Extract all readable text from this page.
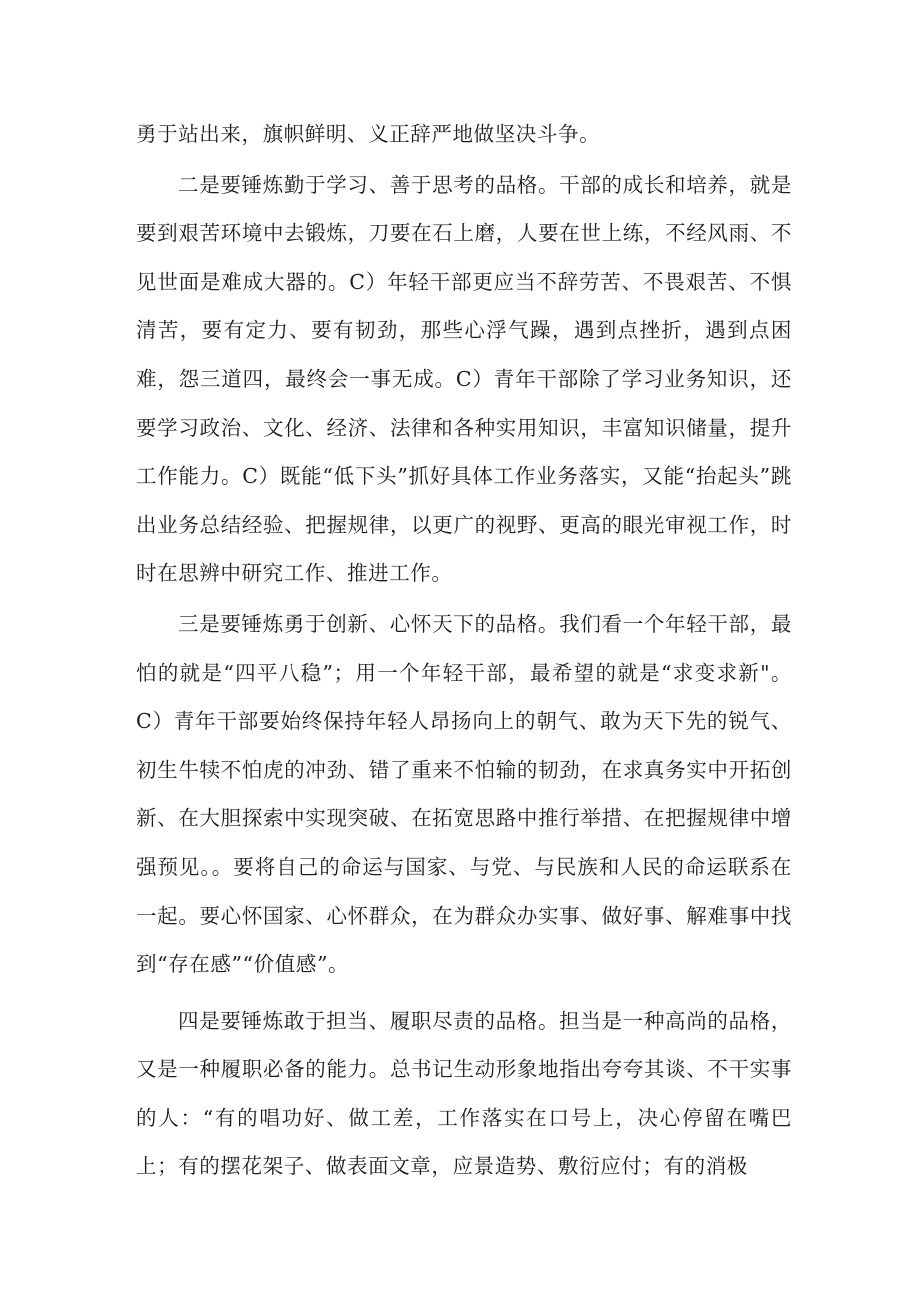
勇于站出来，旗帜鲜明、义正辞严地做坚决斗争。

二是要锤炼勤于学习、善于思考的品格。干部的成长和培养，就是要到艰苦环境中去锻炼，刀要在石上磨，人要在世上练，不经风雨、不见世面是难成大器的。C）年轻干部更应当不辞劳苦、不畏艰苦、不惧清苦，要有定力、要有韧劲，那些心浮气躁，遇到点挫折，遇到点困难，怨三道四，最终会一事无成。C）青年干部除了学习业务知识，还要学习政治、文化、经济、法律和各种实用知识，丰富知识储量，提升工作能力。C）既能“低下头”抓好具体工作业务落实，又能“抬起头”跳出业务总结经验、把握规律，以更广的视野、更高的眼光审视工作，时时在思辨中研究工作、推进工作。

三是要锤炼勇于创新、心怀天下的品格。我们看一个年轻干部，最怕的就是“四平八稳”；用一个年轻干部，最希望的就是“求变求新"。C）青年干部要始终保持年轻人昂扬向上的朝气、敢为天下先的锐气、初生牛犊不怕虎的冲劲、错了重来不怕输的韧劲，在求真务实中开拓创新、在大胆探索中实现突破、在拓宽思路中推行举措、在把握规律中增强预见。。要将自己的命运与国家、与党、与民族和人民的命运联系在一起。要心怀国家、心怀群众，在为群众办实事、做好事、解难事中找到“存在感”“价值感”。

四是要锤炼敢于担当、履职尽责的品格。担当是一种高尚的品格，又是一种履职必备的能力。总书记生动形象地指出夸夸其谈、不干实事的人：“有的唱功好、做工差，工作落实在口号上，决心停留在嘴巴上；有的摆花架子、做表面文章，应景造势、敷衍应付；有的消极
